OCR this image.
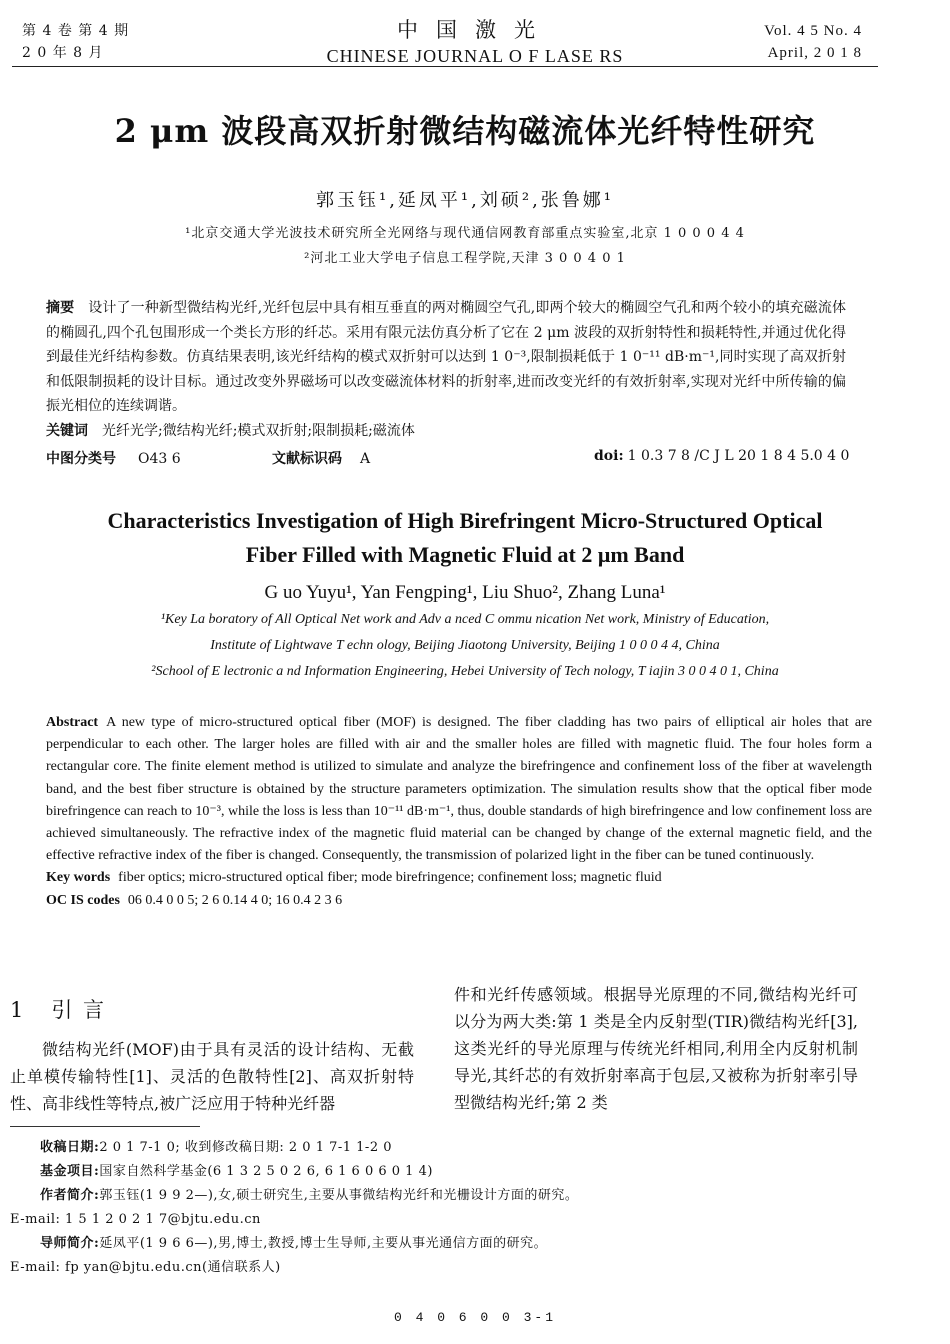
第 4 卷 第 4 期
2 0 年 8 月
中国激光
CHINESE JOURNAL O F LASE RS
Vol. 4 5 No. 4
April, 2 0 1 8
2 μm 波段高双折射微结构磁流体光纤特性研究
郭玉钰¹,延凤平¹,刘硕²,张鲁娜¹
¹北京交通大学光波技术研究所全光网络与现代通信网教育部重点实验室,北京 1 0 0 0 4 4
²河北工业大学电子信息工程学院,天津 3 0 0 4 0 1
摘要 设计了一种新型微结构光纤,光纤包层中具有相互垂直的两对椭圆空气孔,即两个较大的椭圆空气孔和两个较小的填充磁流体的椭圆孔,四个孔包围形成一个类长方形的纤芯。采用有限元法仿真分析了它在 2 μm 波段的双折射特性和损耗特性,并通过优化得到最佳光纤结构参数。仿真结果表明,该光纤结构的模式双折射可以达到 1 0⁻³,限制损耗低于 1 0⁻¹¹ dB·m⁻¹,同时实现了高双折射和低限制损耗的设计目标。通过改变外界磁场可以改变磁流体材料的折射率,进而改变光纤的有效折射率,实现对光纤中所传输的偏振光相位的连续调谐。
关键词 光纤光学;微结构光纤;模式双折射;限制损耗;磁流体
中图分类号 O43 6	文献标识码 A	doi: 1 0.3 7 8 /C J L 20 1 8 4 5.0 4 0
Characteristics Investigation of High Birefringent Micro-Structured Optical
Fiber Filled with Magnetic Fluid at 2 μm Band
G uo Yuyu¹, Yan Fengping¹, Liu Shuo², Zhang Luna¹
¹Key La boratory of All Optical Net work and Adv a nced C ommu nication Net work, Ministry of Education,
Institute of Lightwave T echn ology, Beijing Jiaotong University, Beijing 1 0 0 0 4 4, China
²School of E lectronic a nd Information Engineering, Hebei University of Tech nology, T iajin 3 0 0 4 0 1, China
Abstract A new type of micro-structured optical fiber (MOF) is designed. The fiber cladding has two pairs of elliptical air holes that are perpendicular to each other. The larger holes are filled with air and the smaller holes are filled with magnetic fluid. The four holes form a rectangular core. The finite element method is utilized to simulate and analyze the birefringence and confinement loss of the fiber at wavelength band, and the best fiber structure is obtained by the structure parameters optimization. The simulation results show that the optical fiber mode birefringence can reach to 10⁻³, while the loss is less than 10⁻¹¹ dB·m⁻¹, thus, double standards of high birefringence and low confinement loss are achieved simultaneously. The refractive index of the magnetic fluid material can be changed by change of the external magnetic field, and the effective refractive index of the fiber is changed. Consequently, the transmission of polarized light in the fiber can be tuned continuously.
Key words fiber optics; micro-structured optical fiber; mode birefringence; confinement loss; magnetic fluid
OC IS codes 06 0.4 0 0 5; 2 6 0.14 4 0; 16 0.4 2 3 6
1 引 言
微结构光纤(MOF)由于具有灵活的设计结构、无截止单模传输特性[1]、灵活的色散特性[2]、高双折射特性、高非线性等特点,被广泛应用于特种光纤器
件和光纤传感领域。根据导光原理的不同,微结构光纤可以分为两大类:第 1 类是全内反射型(TIR)微结构光纤[3],这类光纤的导光原理与传统光纤相同,利用全内反射机制导光,其纤芯的有效折射率高于包层,又被称为折射率引导型微结构光纤;第 2 类
收稿日期:2 0 1 7-1 0; 收到修改稿日期: 2 0 1 7-1 1-2 0
基金项目:国家自然科学基金(6 1 3 2 5 0 2 6, 6 1 6 0 6 0 1 4)
作者简介:郭玉钰(1 9 9 2—),女,硕士研究生,主要从事微结构光纤和光栅设计方面的研究。
E-mail: 1 5 1 2 0 2 1 7@bjtu.edu.cn
导师简介:延凤平(1 9 6 6—),男,博士,教授,博士生导师,主要从事光通信方面的研究。
E-mail: fp yan@bjtu.edu.cn(通信联系人)
0 4 0 6 0 0 3-1
